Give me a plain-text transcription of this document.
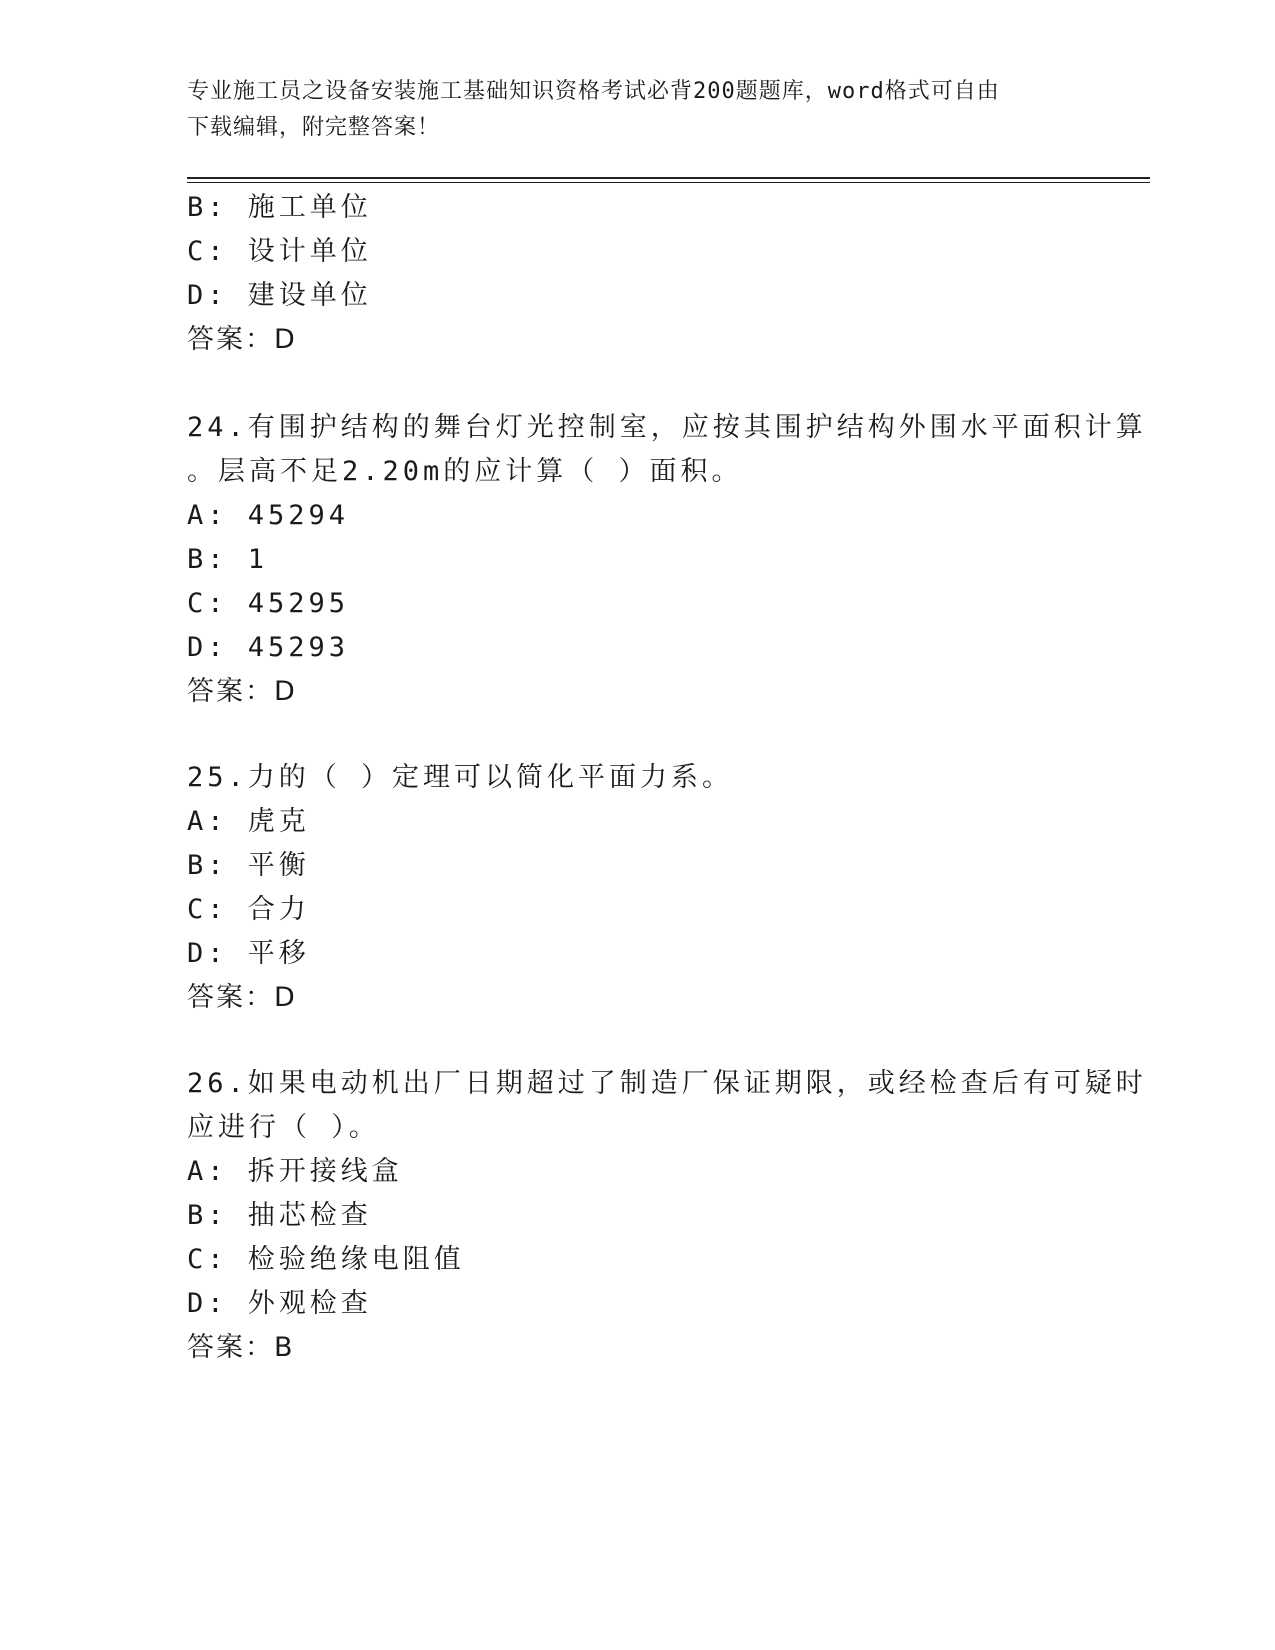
专业施工员之设备安装施工基础知识资格考试必背200题题库，word格式可自由
下载编辑，附完整答案！
B: 施工单位
C: 设计单位
D: 建设单位
答案：D
24.有围护结构的舞台灯光控制室，应按其围护结构外围水平面积计算
。层高不足2.20m的应计算（ ）面积。
A: 45294
B: 1
C: 45295
D: 45293
答案：D
25.力的（ ）定理可以简化平面力系。
A: 虎克
B: 平衡
C: 合力
D: 平移
答案：D
26.如果电动机出厂日期超过了制造厂保证期限，或经检查后有可疑时
应进行（ ）。
A: 拆开接线盒
B: 抽芯检查
C: 检验绝缘电阻值
D: 外观检查
答案：B
